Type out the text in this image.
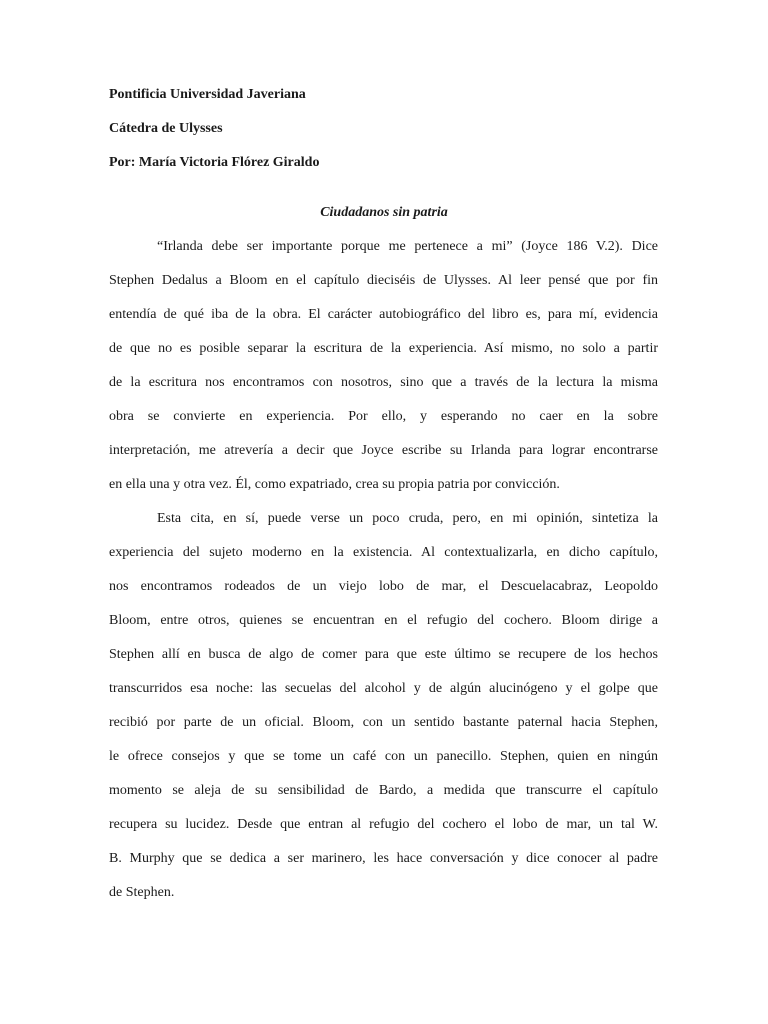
Pontificia Universidad Javeriana
Cátedra de Ulysses
Por: María Victoria Flórez Giraldo
Ciudadanos sin patria
“Irlanda debe ser importante porque me pertenece a mi” (Joyce 186 V.2). Dice
Stephen Dedalus a Bloom en el capítulo dieciséis de Ulysses. Al leer pensé que por fin
entendía de qué iba de la obra. El carácter autobiográfico del libro es, para mí, evidencia
de que no es posible separar la escritura de la experiencia. Así mismo, no solo a partir
de la escritura nos encontramos con nosotros, sino que a través de la lectura la misma
obra se convierte en experiencia. Por ello, y esperando no caer en la sobre
interpretación, me atrevería a decir que Joyce escribe su Irlanda para lograr encontrarse
en ella una y otra vez. Él, como expatriado, crea su propia patria por convicción.
Esta cita, en sí, puede verse un poco cruda, pero, en mi opinión, sintetiza la
experiencia del sujeto moderno en la existencia. Al contextualizarla, en dicho capítulo,
nos encontramos rodeados de un viejo lobo de mar, el Descuelacabraz, Leopoldo
Bloom, entre otros, quienes se encuentran en el refugio del cochero. Bloom dirige a
Stephen allí en busca de algo de comer para que este último se recupere de los hechos
transcurridos esa noche: las secuelas del alcohol y de algún alucinógeno y el golpe que
recibió por parte de un oficial. Bloom, con un sentido bastante paternal hacia Stephen,
le ofrece consejos y que se tome un café con un panecillo. Stephen, quien en ningún
momento se aleja de su sensibilidad de Bardo, a medida que transcurre el capítulo
recupera su lucidez. Desde que entran al refugio del cochero el lobo de mar, un tal W.
B. Murphy que se dedica a ser marinero, les hace conversación y dice conocer al padre
de Stephen.
